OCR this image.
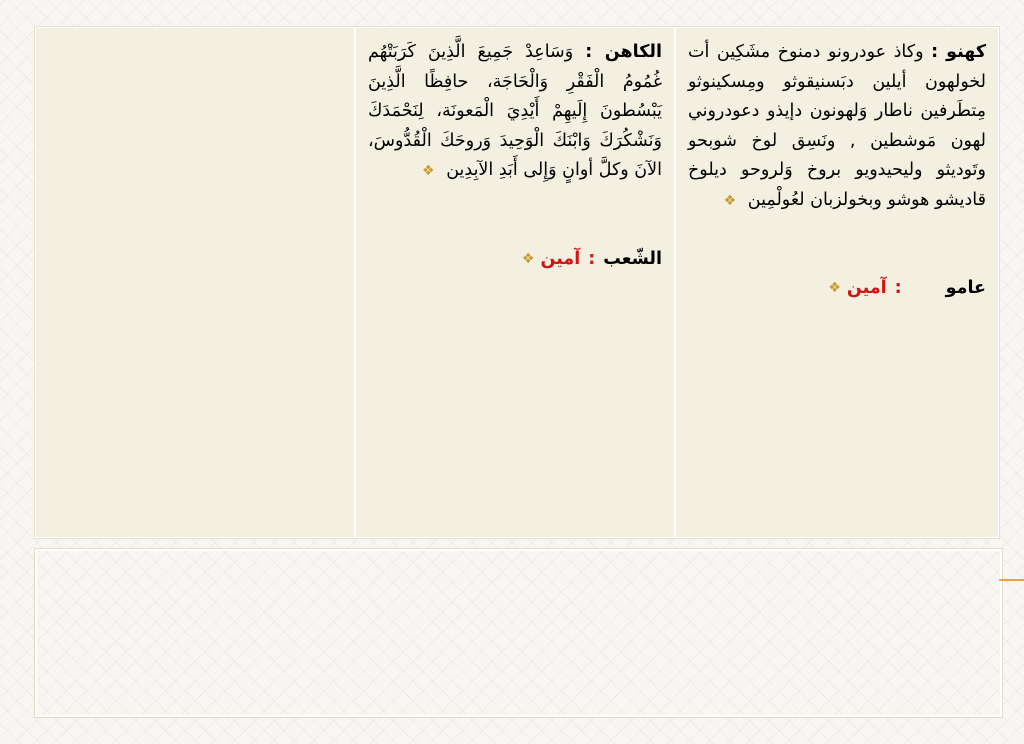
الكاهن : وَسَاعِدْ جَمِيعَ الَّذِينَ كَرَبَتْهُم غُمُومُ الْفَقْرِ وَالْحَاجَة، حافِظًا الَّذِينَ يَبْسُطونَ إِلَيهِمْ أَيْدِيَ الْمَعونَة، لِنَحْمَدَكَ وَنَشْكُرَكَ وَابْنَكَ الْوَحِيدَ وَروحَكَ الْقُدُّوسَ، الآنَ وكلَّ أوانٍ وَإِلى أَبَدِ الآبِدِين ❖
الشّعب
:
آمين
❖
كهنو : وكاذ عودرونو دمنوخ مشَكِين أت لخولهون أيلين دبَسنيقوثو ومِسكينوثو مِتطَرفين ناطار وَلهونون دإيذو دعودروني لهون مَوشطين , ونَسِق لوخ شوبحو وتَوديثو وليحيدويو بروخ وَلروحو ديلوخ قاديشو هوشو وبخولزبان لعُولْمِين ❖
عامو
:
آمين
❖
